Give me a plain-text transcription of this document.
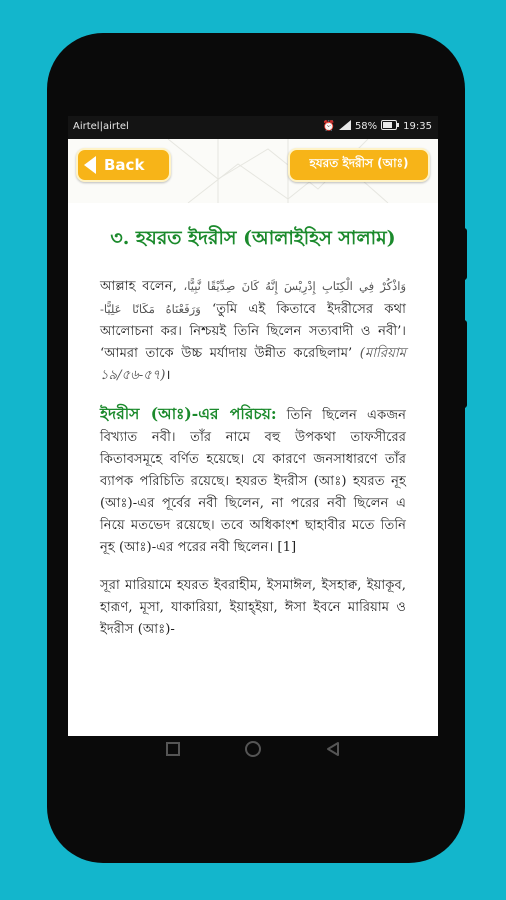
Airtel|airtel	⏰ 58%	19:35
Back	হযরত ইদরীস (আঃ)
৩. হযরত ইদরীস (আলাইহিস সালাম)

আল্লাহ বলেন, وَاذْكُرْ فِي الْكِتَابِ إِدْرِيْسَ إِنَّهُ كَانَ صِدِّيْقًا نَّبِيًّا، وَرَفَعْنَاهُ مَكَانًا عَلِيًّا- ‘তুমি এই কিতাবে ইদরীসের কথা আলোচনা কর। নিশ্চয়ই তিনি ছিলেন সত্যবাদী ও নবী’। ‘আমরা তাকে উচ্চ মর্যাদায় উন্নীত করেছিলাম’ (মারিয়াম ১৯/৫৬-৫৭)।

ইদরীস (আঃ)-এর পরিচয়: তিনি ছিলেন একজন বিখ্যাত নবী। তাঁর নামে বহু উপকথা তাফসীরের কিতাবসমূহে বর্ণিত হয়েছে। যে কারণে জনসাধারণে তাঁর ব্যাপক পরিচিতি রয়েছে। হযরত ইদরীস (আঃ) হযরত নূহ (আঃ)-এর পূর্বের নবী ছিলেন, না পরের নবী ছিলেন এ নিয়ে মতভেদ রয়েছে। তবে অধিকাংশ ছাহাবীর মতে তিনি নূহ (আঃ)-এর পরের নবী ছিলেন। [1]

সূরা মারিয়ামে হযরত ইবরাহীম, ইসমাঈল, ইসহাক্ব, ইয়াকূব, হারূণ, মূসা, যাকারিয়া, ইয়াহ্ইয়া, ঈসা ইবনে মারিয়াম ও ইদরীস (আঃ)-
